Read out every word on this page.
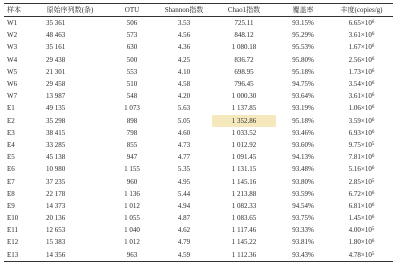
样本	原始序列数(条)	OTU	Shannon指数	Chao1指数	覆盖率	丰度(copies/g)
W1	35 361	506	3.53	725.11	93.15%	$6.65\times 10^6$
W2	48 463	573	4.56	848.12	95.29%	$3.61\times 10^6$
W3	35 161	630	4.36	1 080.18	95.53%	$1.67\times 10^6$
W4	29 438	500	4.25	836.72	95.80%	$2.56\times 10^6$
W5	21 301	553	4.10	698.95	95.18%	$1.73\times 10^6$
W6	29 458	510	4.58	796.45	94.75%	$3.54\times 10^6$
W7	13 987	548	4.20	1 000.30	93.64%	$3.61\times 10^6$
E1	49 135	1 073	5.63	1 137.85	93.19%	$1.06\times 10^6$
E2	35 298	898	5.05	1 352.86	95.18%	$3.59\times 10^6$
E3	38 415	798	4.60	1 033.52	93.46%	$6.93\times 10^6$
E4	33 285	855	4.73	1 012.92	93.60%	$9.75\times 10^5$
E5	45 138	947	4.77	1 091.45	94.13%	$7.81\times 10^6$
E6	10 980	1 155	5.35	1 131.15	93.48%	$5.16\times 10^6$
E7	37 235	960	4.95	1 145.16	93.80%	$2.85\times 10^5$
E8	22 178	1 136	5.44	1 213.88	93.59%	$6.72\times 10^6$
E9	14 373	1 012	4.94	1 082.33	94.54%	$6.81\times 10^6$
E10	20 136	1 055	4.87	1 083.65	93.75%	$1.45\times 10^6$
E11	12 653	1 040	4.62	1 117.46	93.33%	$4.00\times 10^5$
E12	15 383	1 012	4.79	1 145.22	93.81%	$1.80\times 10^6$
E13	14 356	963	4.59	1 112.36	93.43%	$4.78\times 10^5$
